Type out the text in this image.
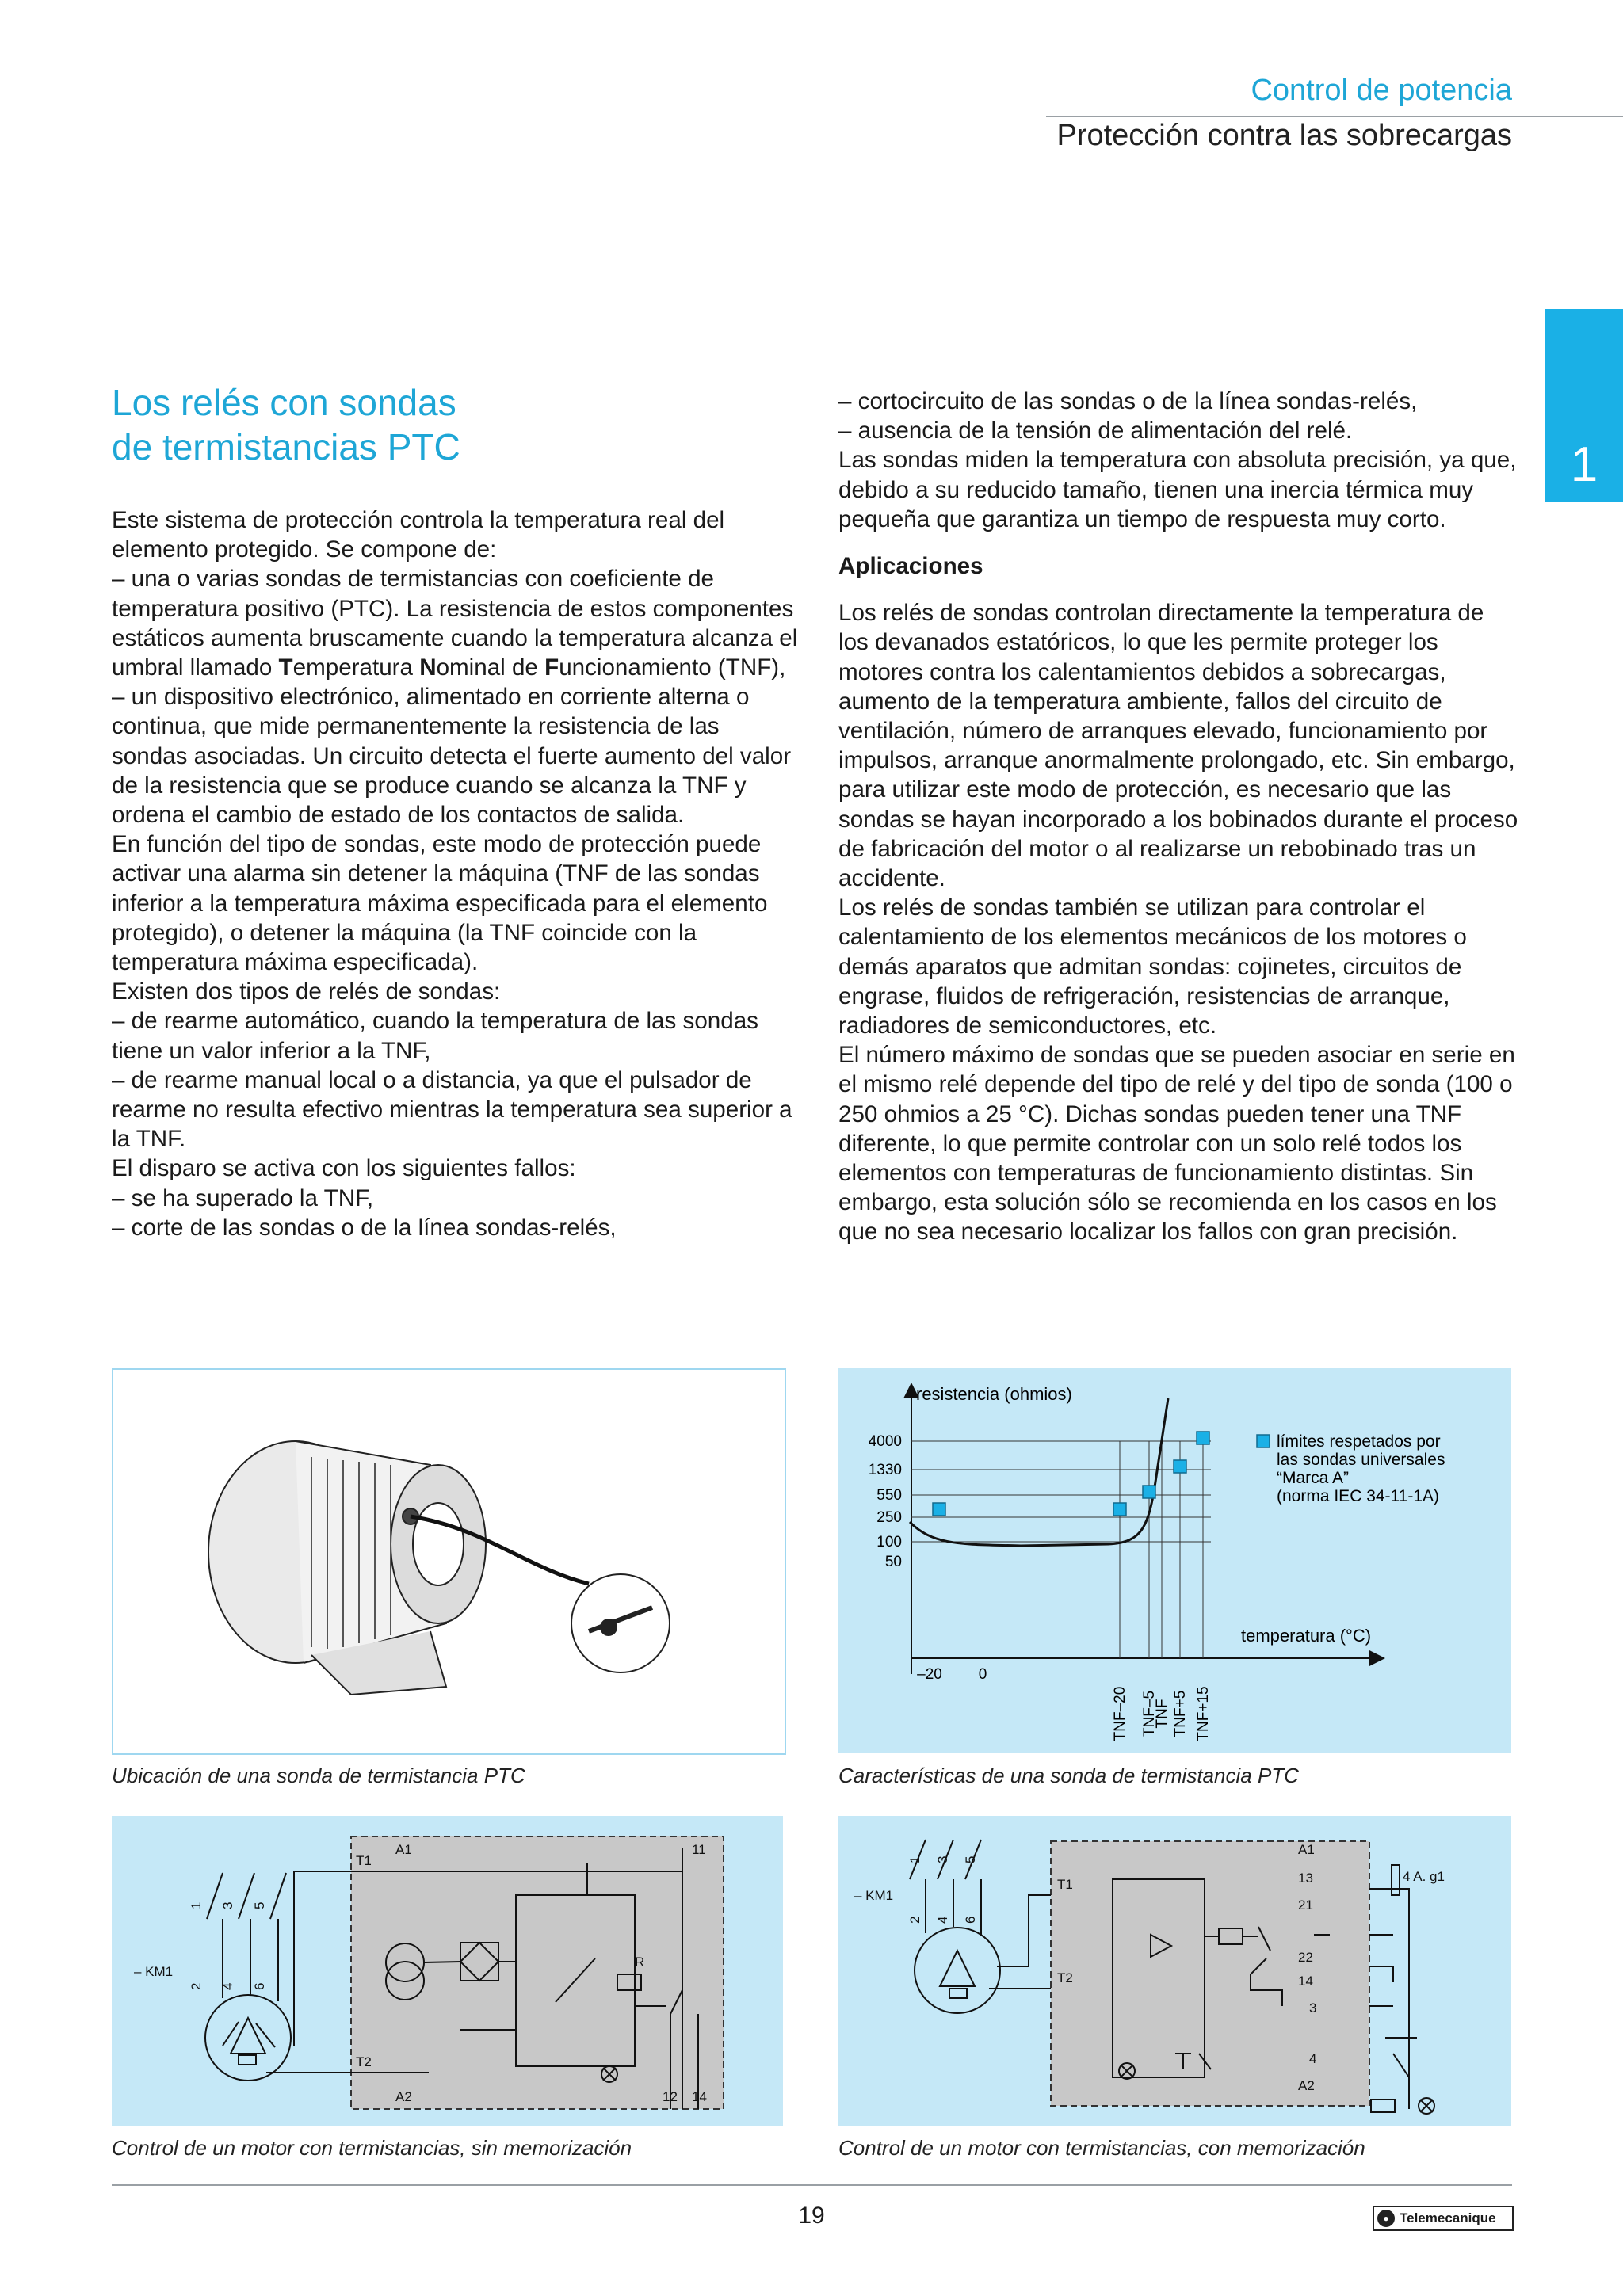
Control de potencia
Protección contra las sobrecargas
1
Los relés con sondas
de termistancias PTC

Este sistema de protección controla la temperatura real del elemento protegido. Se compone de:

– una o varias sondas de termistancias con coeficiente de temperatura positivo (PTC). La resistencia de estos componentes estáticos aumenta bruscamente cuando la temperatura alcanza el umbral llamado Temperatura Nominal de Funcionamiento (TNF),

– un dispositivo electrónico, alimentado en corriente alterna o continua, que mide permanentemente la resistencia de las sondas asociadas. Un circuito detecta el fuerte aumento del valor de la resistencia que se produce cuando se alcanza la TNF y ordena el cambio de estado de los contactos de salida.

En función del tipo de sondas, este modo de protección puede activar una alarma sin detener la máquina (TNF de las sondas inferior a la temperatura máxima especificada para el elemento protegido), o detener la máquina (la TNF coincide con la temperatura máxima especificada).

Existen dos tipos de relés de sondas:

– de rearme automático, cuando la temperatura de las sondas tiene un valor inferior a la TNF,

– de rearme manual local o a distancia, ya que el pulsador de rearme no resulta efectivo mientras la temperatura sea superior a la TNF.

El disparo se activa con los siguientes fallos:

– se ha superado la TNF,

– corte de las sondas o de la línea sondas-relés,

– cortocircuito de las sondas o de la línea sondas-relés,

– ausencia de la tensión de alimentación del relé.

Las sondas miden la temperatura con absoluta precisión, ya que, debido a su reducido tamaño, tienen una inercia térmica muy pequeña que garantiza un tiempo de respuesta muy corto.

Aplicaciones

Los relés de sondas controlan directamente la temperatura de los devanados estatóricos, lo que les permite proteger los motores contra los calentamientos debidos a sobrecargas, aumento de la temperatura ambiente, fallos del circuito de ventilación, número de arranques elevado, funcionamiento por impulsos, arranque anormalmente prolongado, etc. Sin embargo, para utilizar este modo de protección, es necesario que las sondas se hayan incorporado a los bobinados durante el proceso de fabricación del motor o al realizarse un rebobinado tras un accidente.

Los relés de sondas también se utilizan para controlar el calentamiento de los elementos mecánicos de los motores o demás aparatos que admitan sondas: cojinetes, circuitos de engrase, fluidos de refrigeración, resistencias de arranque, radiadores de semiconductores, etc.

El número máximo de sondas que se pueden asociar en serie en el mismo relé depende del tipo de relé y del tipo de sonda (100 o 250 ohmios a 25 °C). Dichas sondas pueden tener una TNF diferente, lo que permite controlar con un solo relé todos los elementos con temperaturas de funcionamiento distintas. Sin embargo, esta solución sólo se recomienda en los casos en los que no sea necesario localizar los fallos con gran precisión.

Ubicación de una sonda de termistancia PTC
resistencia (ohmios)
temperatura (°C)
4000
1330
550
250
100
50
–20 0
TNF–20 TNF–5
TNF TNF+5 TNF+15
límites respetados por
las sondas universales
“Marca A”
(norma IEC 34-11-1A)
Características de una sonda de termistancia PTC
– KM1
1 3 5
2 4 6
T1
T2
A1
A2
11
12 14
R
Control de un motor con termistancias, sin memorización
– KM1
1 3 5
2 4 6
T1
T2
A1
13
21
22
14
3
4
A2
4 A. g1
Control de un motor con termistancias, con memorización
19	● Telemecanique
